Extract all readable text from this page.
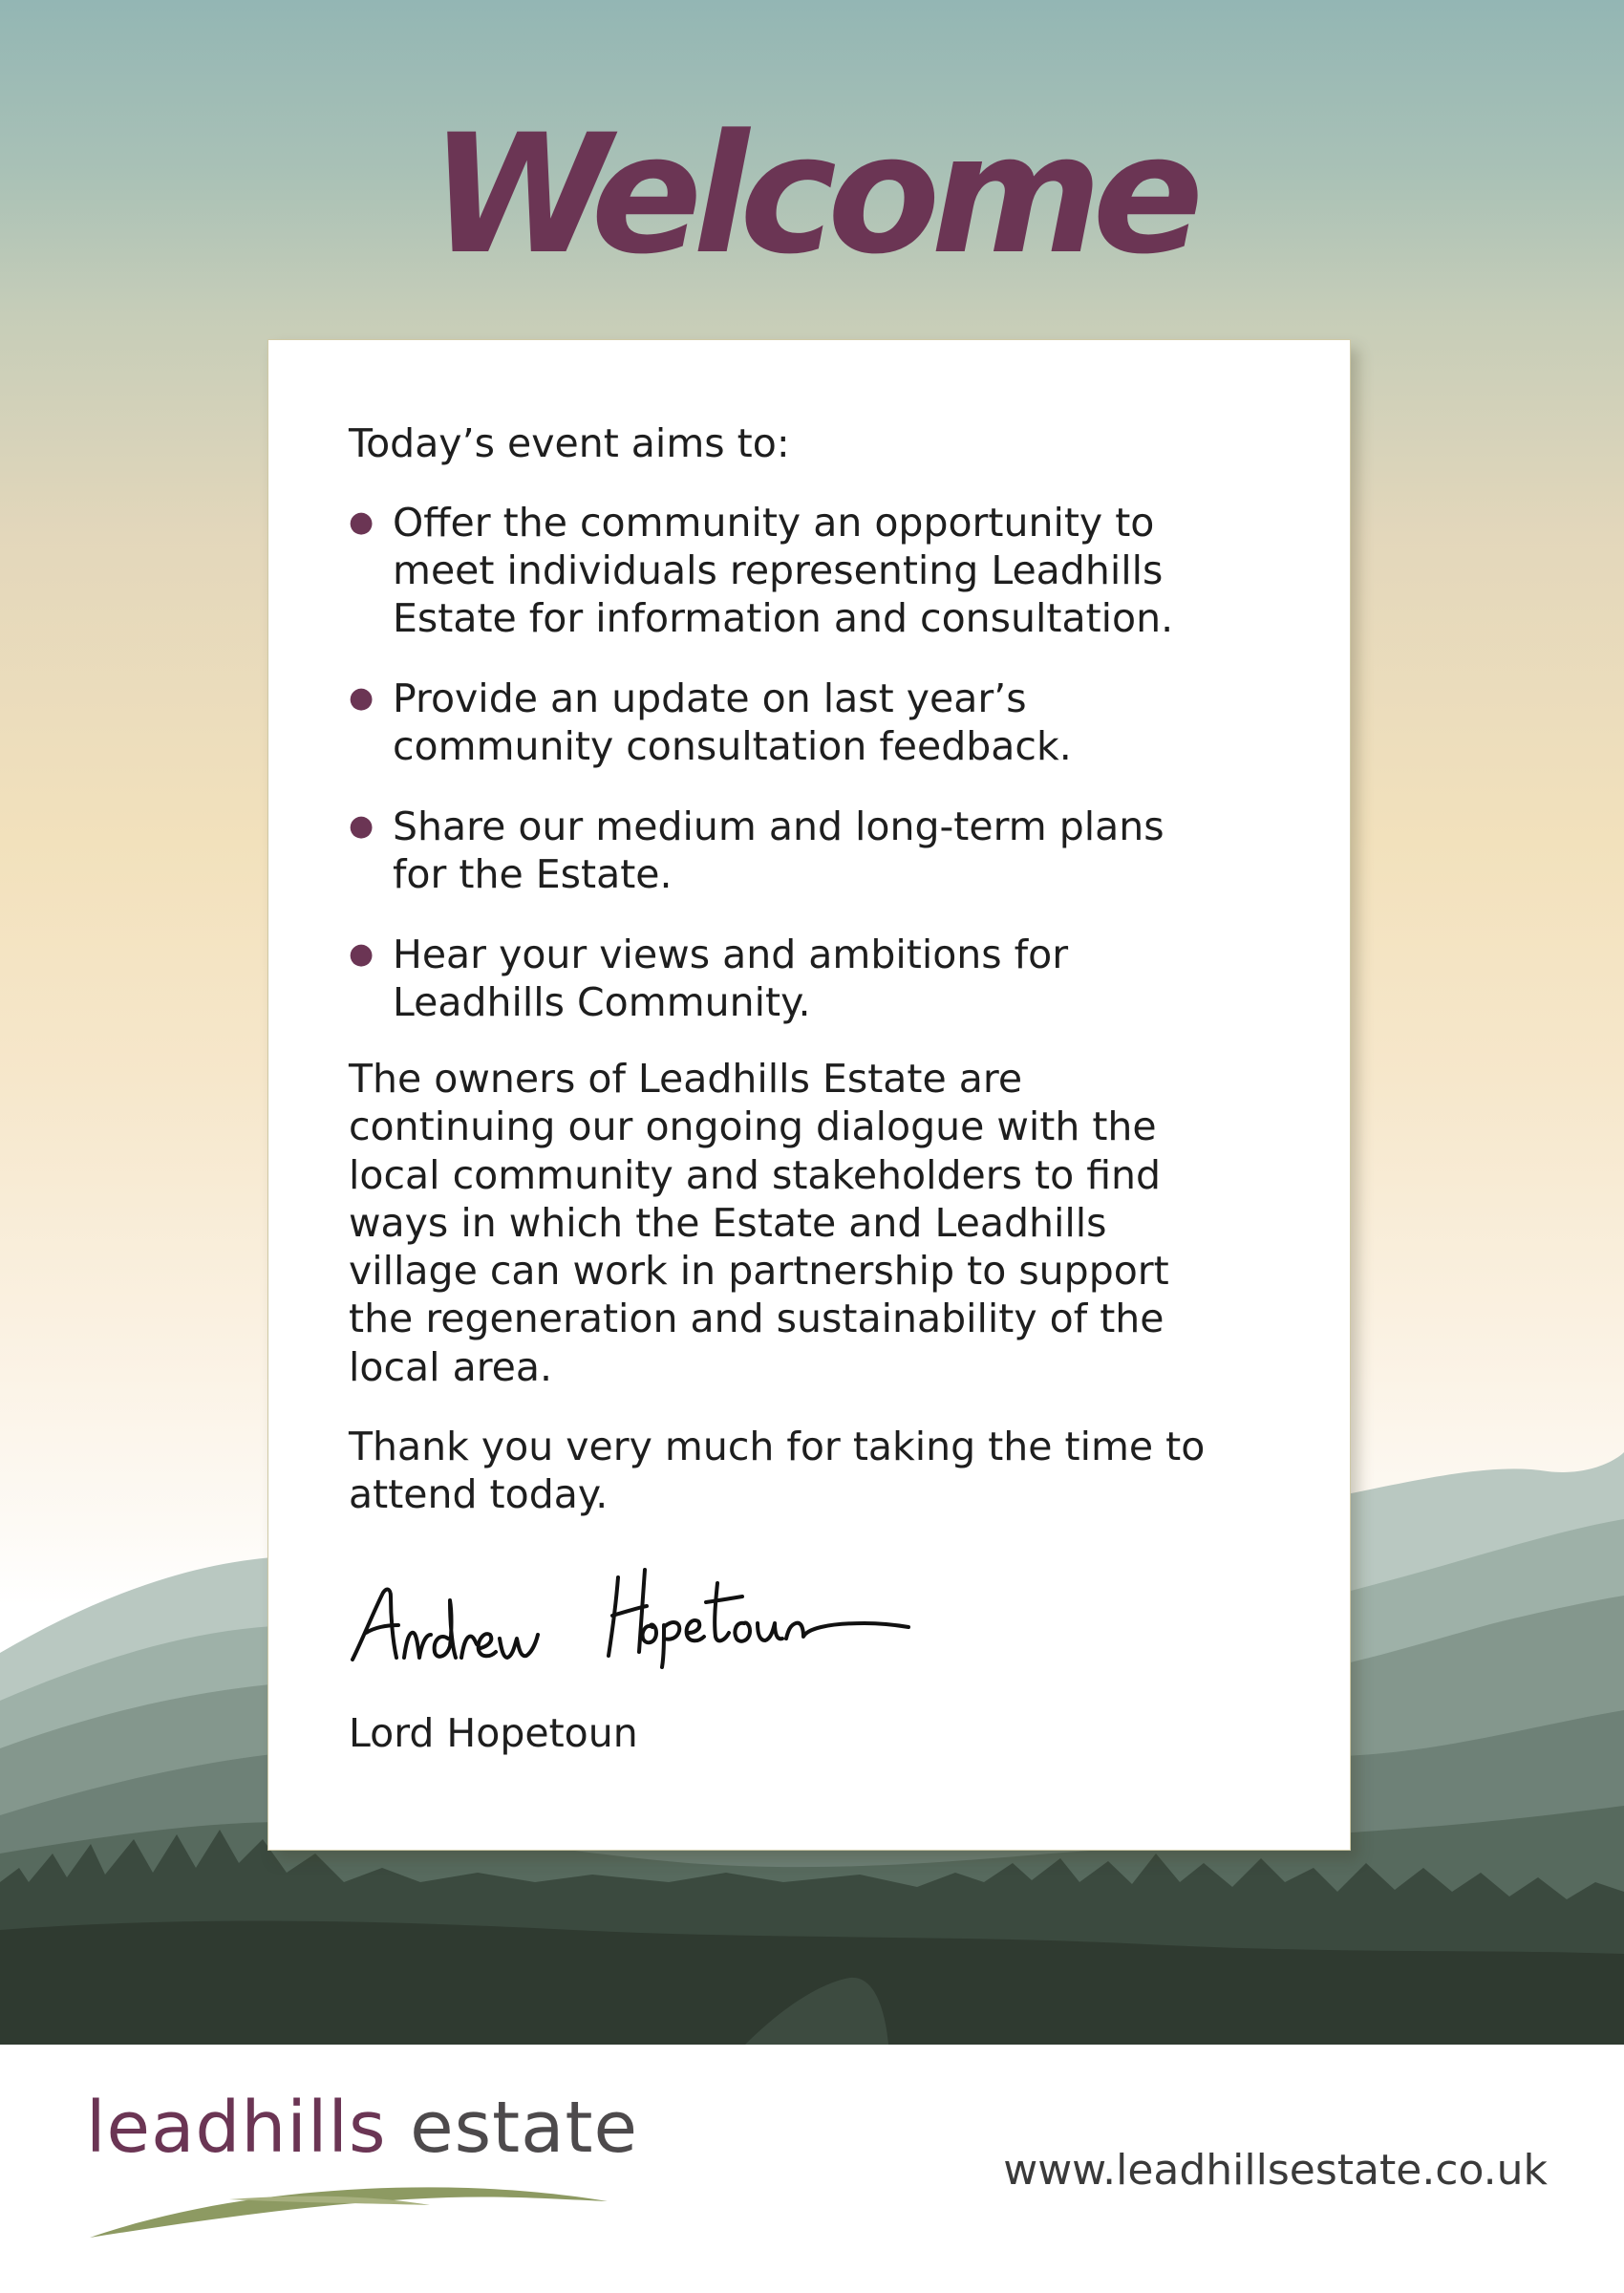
Welcome

Today’s event aims to:

● Offer the community an opportunity to
meet individuals representing Leadhills
Estate for information and consultation.
● Provide an update on last year’s
community consultation feedback.
● Share our medium and long-term plans
for the Estate.
● Hear your views and ambitions for
Leadhills Community.

The owners of Leadhills Estate are
continuing our ongoing dialogue with the
local community and stakeholders to find
ways in which the Estate and Leadhills
village can work in partnership to support
the regeneration and sustainability of the
local area.

Thank you very much for taking the time to
attend today.

Lord Hopetoun

leadhills estate
www.leadhillsestate.co.uk
